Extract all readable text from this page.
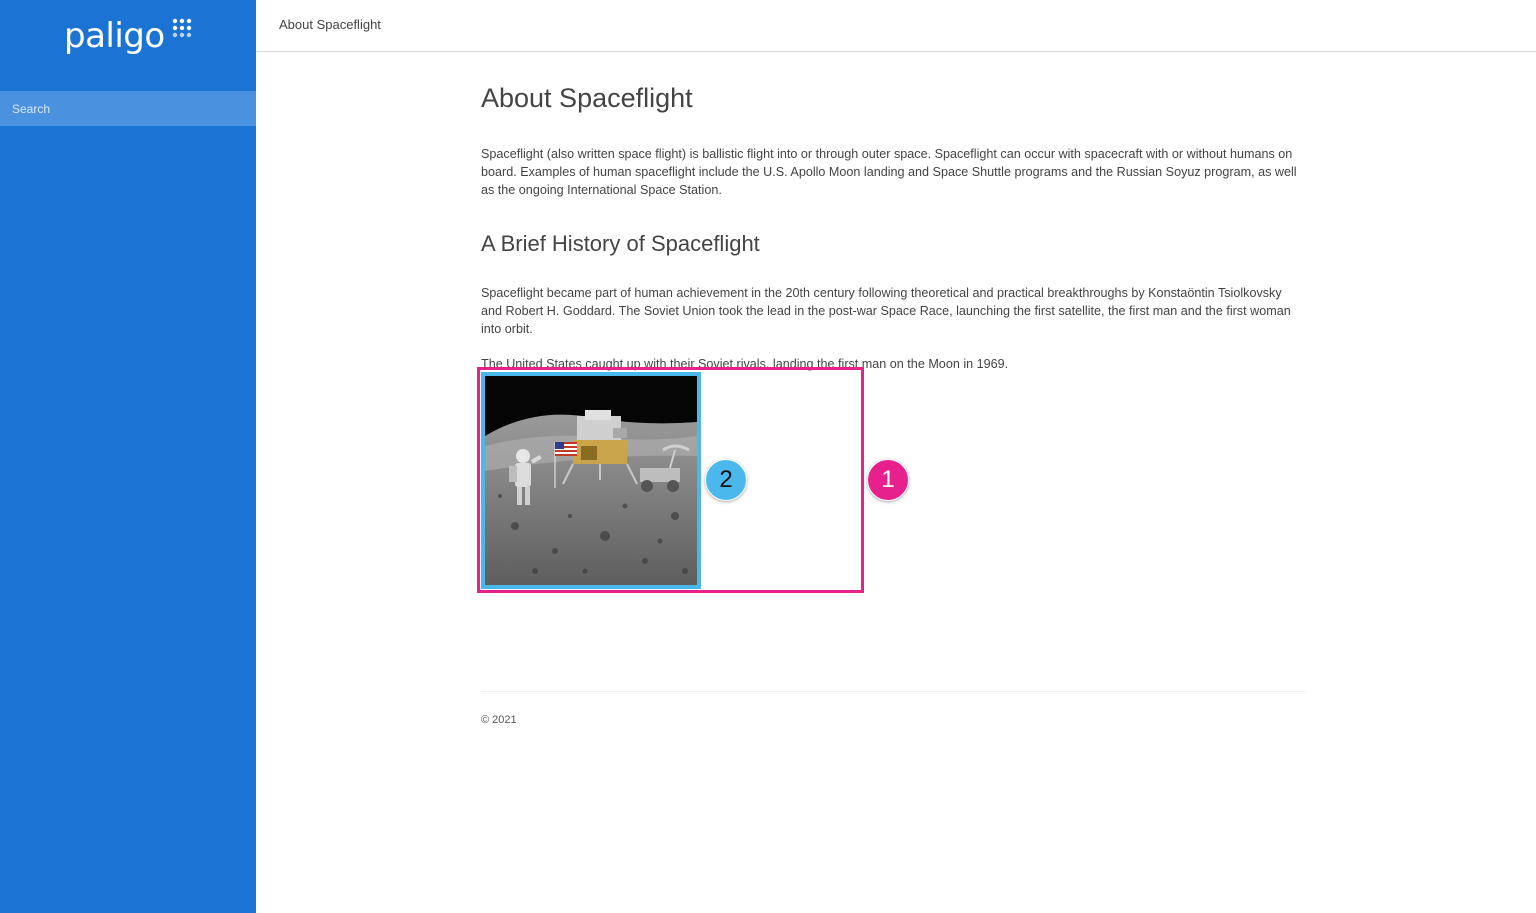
paligo
Search	About Spaceflight
About Spaceflight

Spaceflight (also written space flight) is ballistic flight into or through outer space. Spaceflight can occur with spacecraft with or without humans on board. Examples of human spaceflight include the U.S. Apollo Moon landing and Space Shuttle programs and the Russian Soyuz program, as well as the ongoing International Space Station.

A Brief History of Spaceflight

Spaceflight became part of human achievement in the 20th century following theoretical and practical breakthroughs by Konstaöntin Tsiolkovsky and Robert H. Goddard. The Soviet Union took the lead in the post-war Space Race, launching the first satellite, the first man and the first woman into orbit.

The United States caught up with their Soviet rivals, landing the first man on the Moon in 1969.

2	1
© 2021
